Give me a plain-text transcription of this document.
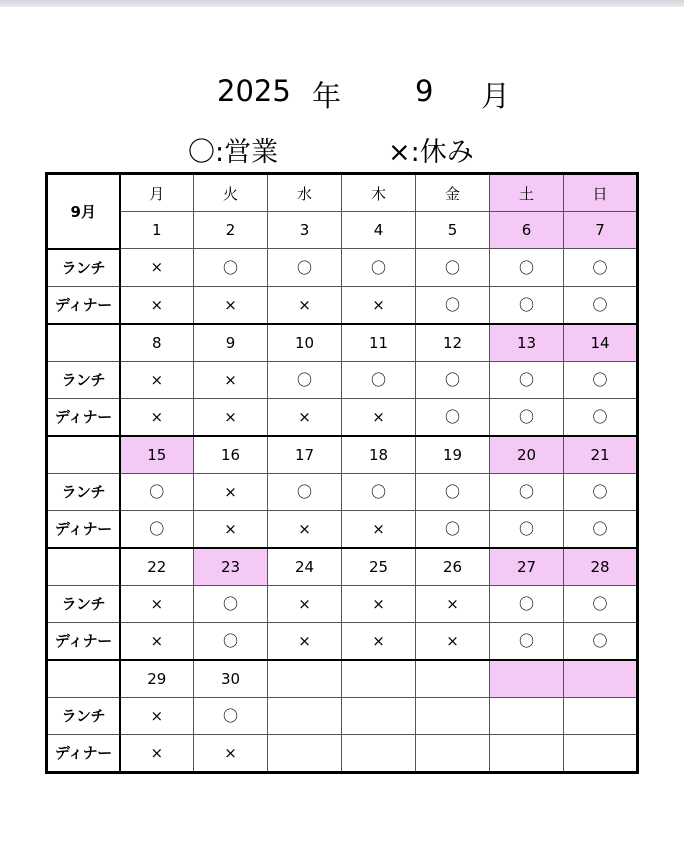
2025 年	9 月
〇:営業	×:休み
9月	月	火	水	木	金	土	日
	1	2	3	4	5	6	7
ランチ	×	〇	〇	〇	〇	〇	〇
ディナー	×	×	×	×	〇	〇	〇
	8	9	10	11	12	13	14
ランチ	×	×	〇	〇	〇	〇	〇
ディナー	×	×	×	×	〇	〇	〇
	15	16	17	18	19	20	21
ランチ	〇	×	〇	〇	〇	〇	〇
ディナー	〇	×	×	×	〇	〇	〇
	22	23	24	25	26	27	28
ランチ	×	〇	×	×	×	〇	〇
ディナー	×	〇	×	×	×	〇	〇
	29	30					
ランチ	×	〇					
ディナー	×	×					
